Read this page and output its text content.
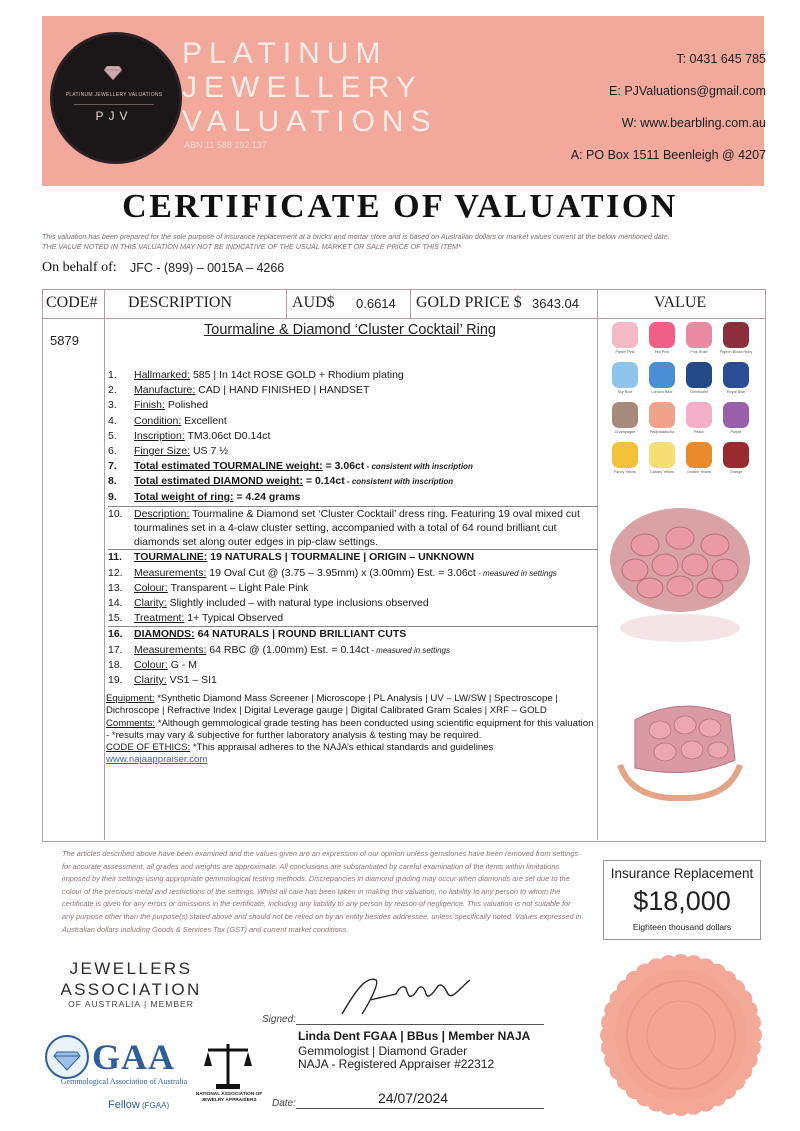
PLATINUM JEWELLERY VALUATIONS
PJV
PLATINUM
JEWELLERY
VALUATIONS
ABN 11 588 192 137
T: 0431 645 785
E: PJValuations@gmail.com
W: www.bearbling.com.au
A: PO Box 1511 Beenleigh @ 4207
CERTIFICATE OF VALUATION
This valuation has been prepared for the sole purpose of insurance replacement at a bricks and mortar store and is based on Australian dollars or market values current at the below mentioned date.
THE VALUE NOTED IN THIS VALUATION MAY NOT BE INDICATIVE OF THE USUAL MARKET OR SALE PRICE OF THIS ITEM*
On behalf of: JFC - (899) – 0015A – 4266
CODE# DESCRIPTION	AUD$ 0.6614 GOLD PRICE $ 3643.04	VALUE
5879
Tourmaline & Diamond ‘Cluster Cocktail’ Ring
1.	Hallmarked: 585 | In 14ct ROSE GOLD + Rhodium plating
2.	Manufacture: CAD | HAND FINISHED | HANDSET
3.	Finish: Polished
4.	Condition: Excellent
5.	Inscription: TM3.06ct D0.14ct
6.	Finger Size: US 7 ½
7.	Total estimated TOURMALINE weight: = 3.06ct - consistent with inscription
8.	Total estimated DIAMOND weight: = 0.14ct - consistent with inscription
9.	Total weight of ring: = 4.24 grams
10.	Description: Tourmaline & Diamond set ‘Cluster Cocktail’ dress ring. Featuring 19 oval mixed cut tourmalines set in a 4-claw cluster setting, accompanied with a total of 64 round brilliant cut diamonds set along outer edges in pip-claw settings.
11.	TOURMALINE: 19 NATURALS | TOURMALINE | ORIGIN – UNKNOWN
12.	Measurements: 19 Oval Cut @ (3.75 – 3.95mm) x (3.00mm) Est. = 3.06ct - measured in settings
13.	Colour: Transparent – Light Pale Pink
14.	Clarity: Slightly included – with natural type inclusions observed
15.	Treatment: 1+ Typical Observed
16.	DIAMONDS: 64 NATURALS | ROUND BRILLIANT CUTS
17.	Measurements: 64 RBC @ (1.00mm) Est. = 0.14ct - measured in settings
18.	Colour: G - M
19.	Clarity: VS1 – SI1
Equipment: *Synthetic Diamond Mass Screener | Microscope | PL Analysis | UV – LW/SW | Spectroscope | Dichroscope | Refractive Index | Digital Leverage gauge | Digital Calibrated Gram Scales | XRF – GOLD
Comments: *Although gemmological grade testing has been conducted using scientific equipment for this valuation - *results may vary & subjective for further laboratory analysis & testing may be required.
CODE OF ETHICS: *This appraisal adheres to the NAJA’s ethical standards and guidelines
www.najaappraiser.com
Pastel Pink	Hot Pink	Pink Rose	Pigeon Blood Ruby
Sky Blue	London Blue	Cornflower	Royal Blue
Champagne	Padparadscha	Peach	Purple
Fancy Yellow	Canary Yellow	Golden Yellow	Orange
The articles described above have been examined and the values given are an expression of our opinion unless gemstones have been removed from settings for accurate assessment, all grades and weights are approximate. All conclusions are substantiated by careful examination of the items within limitations imposed by their settings using appropriate gemmological testing methods. Discrepancies in diamond grading may occur when diamonds are set due to the colour of the precious metal and restrictions of the settings. Whilst all care has been taken in making this valuation, no liability to any person to whom the certificate is given for any errors or omissions in the certificate, including any liability to any person by reason of negligence. This valuation is not suitable for any purpose other than the purpose(s) stated above and should not be relied on by an entity besides addressee, unless specifically noted. Values expressed in Australian dollars including Goods & Services Tax (GST) and current market conditions.
Insurance Replacement
$18,000
Eighteen thousand dollars
JEWELLERS
ASSOCIATION
OF AUSTRALIA | MEMBER
GAA
Gemmological Association of Australia
Fellow (FGAA)
NATIONAL ASSOCIATION OF JEWELRY APPRAISERS
Signed:
Linda Dent FGAA | BBus | Member NAJA
Gemmologist | Diamond Grader
NAJA - Registered Appraiser #22312
Date:	24/07/2024
